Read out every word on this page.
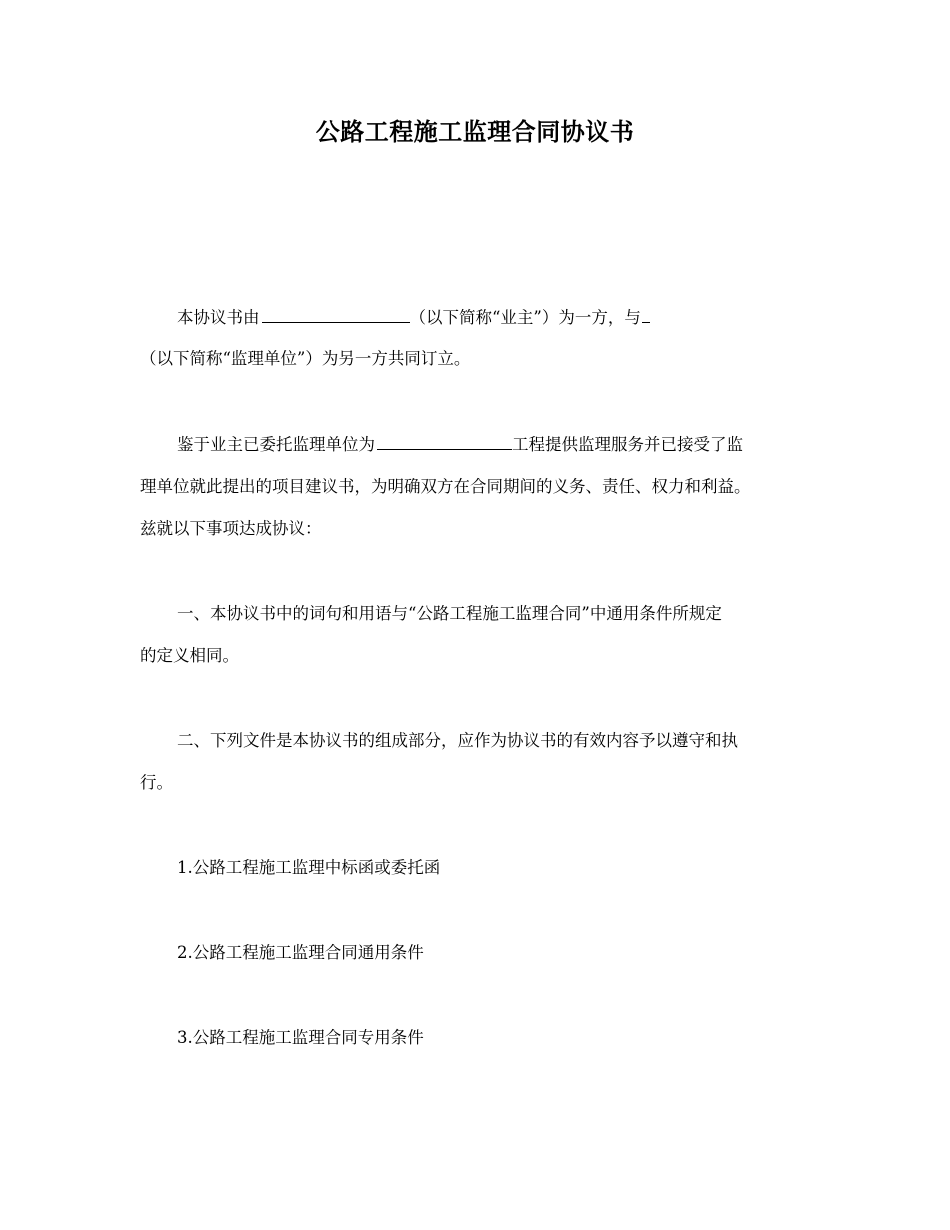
公路工程施工监理合同协议书
本协议书由	（以下简称“业主”）为一方，与
（以下简称“监理单位”）为另一方共同订立。
鉴于业主已委托监理单位为	工程提供监理服务并已接受了监
理单位就此提出的项目建议书，为明确双方在合同期间的义务、责任、权力和利益。
兹就以下事项达成协议：
一、本协议书中的词句和用语与“公路工程施工监理合同”中通用条件所规定
的定义相同。
二、下列文件是本协议书的组成部分，应作为协议书的有效内容予以遵守和执
行。
1.公路工程施工监理中标函或委托函
2.公路工程施工监理合同通用条件
3.公路工程施工监理合同专用条件
